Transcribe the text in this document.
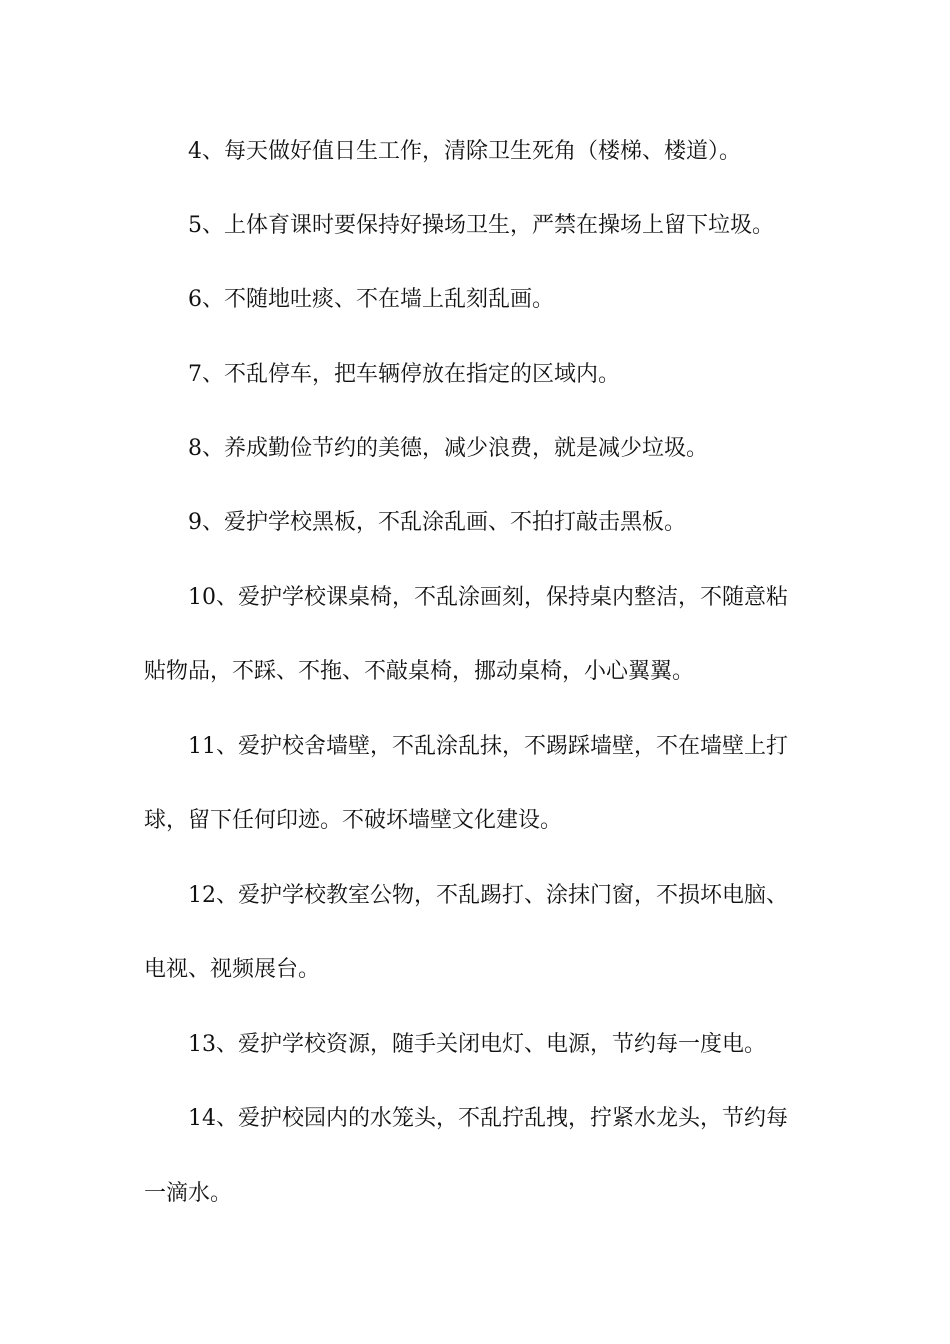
4、每天做好值日生工作，清除卫生死角（楼梯、楼道）。
5、上体育课时要保持好操场卫生，严禁在操场上留下垃圾。
6、不随地吐痰、不在墙上乱刻乱画。
7、不乱停车，把车辆停放在指定的区域内。
8、养成勤俭节约的美德，减少浪费，就是减少垃圾。
9、爱护学校黑板，不乱涂乱画、不拍打敲击黑板。
10、爱护学校课桌椅，不乱涂画刻，保持桌内整洁，不随意粘
贴物品，不踩、不拖、不敲桌椅，挪动桌椅，小心翼翼。
11、爱护校舍墙壁，不乱涂乱抹，不踢踩墙壁，不在墙壁上打
球，留下任何印迹。不破坏墙壁文化建设。
12、爱护学校教室公物，不乱踢打、涂抹门窗，不损坏电脑、
电视、视频展台。
13、爱护学校资源，随手关闭电灯、电源，节约每一度电。
14、爱护校园内的水笼头，不乱拧乱拽，拧紧水龙头，节约每
一滴水。
